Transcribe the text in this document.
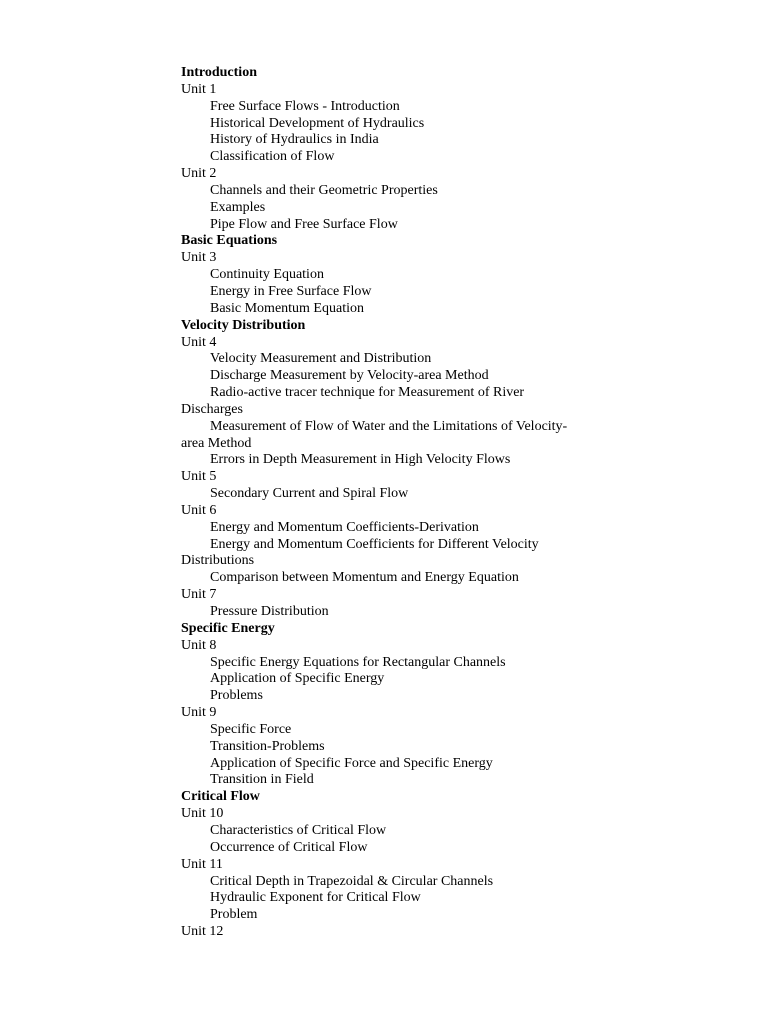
Introduction
Unit 1
Free Surface Flows - Introduction
Historical Development of Hydraulics
History of Hydraulics in India
Classification of Flow
Unit 2
Channels and their Geometric Properties
Examples
Pipe Flow and Free Surface Flow
Basic Equations
Unit 3
Continuity Equation
Energy in Free Surface Flow
Basic Momentum Equation
Velocity Distribution
Unit 4
Velocity Measurement and Distribution
Discharge Measurement by Velocity-area Method
Radio-active tracer technique for Measurement of River
Discharges
Measurement of Flow of Water and the Limitations of Velocity-
area Method
Errors in Depth Measurement in High Velocity Flows
Unit 5
Secondary Current and Spiral Flow
Unit 6
Energy and Momentum Coefficients-Derivation
Energy and Momentum Coefficients for Different Velocity
Distributions
Comparison between Momentum and Energy Equation
Unit 7
Pressure Distribution
Specific Energy
Unit 8
Specific Energy Equations for Rectangular Channels
Application of Specific Energy
Problems
Unit 9
Specific Force
Transition-Problems
Application of Specific Force and Specific Energy
Transition in Field
Critical Flow
Unit 10
Characteristics of Critical Flow
Occurrence of Critical Flow
Unit 11
Critical Depth in Trapezoidal & Circular Channels
Hydraulic Exponent for Critical Flow
Problem
Unit 12
